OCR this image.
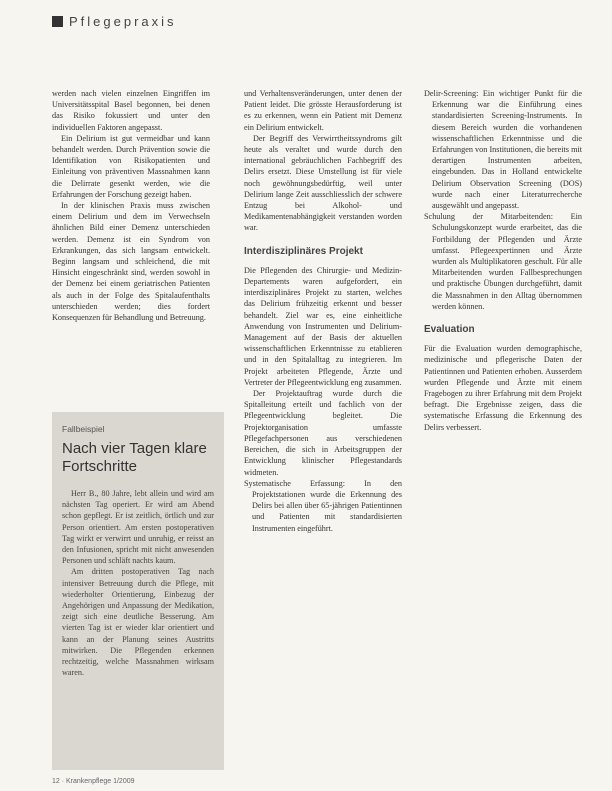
Pflegepraxis

werden nach vielen einzelnen Eingriffen im Universitätsspital Basel begonnen, bei denen das Risiko fokussiert und unter den individuellen Faktoren angepasst.

Ein Delirium ist gut vermeidbar und kann behandelt werden. Durch Prävention sowie die Identifikation von Risikopatienten und Einleitung von präventiven Massnahmen kann die Delirrate gesenkt werden, wie die Erfahrungen der Forschung gezeigt haben.

In der klinischen Praxis muss zwischen einem Delirium und dem im Verwechseln ähnlichen Bild einer Demenz unterschieden werden. Demenz ist ein Syndrom von Erkrankungen, das sich langsam entwickelt. Beginn langsam und schleichend, die mit Hinsicht eingeschränkt sind, werden sowohl in der Demenz bei einem geriatrischen Patienten als auch in der Folge des Spitalaufenthalts unterschieden werden; dies fordert Konsequenzen für Behandlung und Betreuung.

Fallbeispiel
Nach vier Tagen klare Fortschritte

Herr B., 80 Jahre, lebt allein und wird am nächsten Tag operiert. Er wird am Abend schon gepflegt. Er ist zeitlich, örtlich und zur Person orientiert. Am ersten postoperativen Tag wirkt er verwirrt und unruhig, er reisst an den Infusionen, spricht mit nicht anwesenden Personen und schläft nachts kaum.

Am dritten postoperativen Tag nach intensiver Betreuung durch die Pflege, mit wiederholter Orientierung, Einbezug der Angehörigen und Anpassung der Medikation, zeigt sich eine deutliche Besserung. Am vierten Tag ist er wieder klar orientiert und kann an der Planung seines Austritts mitwirken. Die Pflegenden erkennen rechtzeitig, welche Massnahmen wirksam waren.

und Verhaltensveränderungen, unter denen der Patient leidet. Die grösste Herausforderung ist es zu erkennen, wenn ein Patient mit Demenz ein Delirium entwickelt.

Der Begriff des Verwirrtheitssyndroms gilt heute als veraltet und wurde durch den international gebräuchlichen Fachbegriff des Delirs ersetzt. Diese Umstellung ist für viele noch gewöhnungsbedürftig, weil unter Delirium lange Zeit ausschliesslich der schwere Entzug bei Alkohol- und Medikamentenabhängigkeit verstanden worden war.

Interdisziplinäres Projekt

Die Pflegenden des Chirurgie- und Medizin-Departements waren aufgefordert, ein interdisziplinäres Projekt zu starten, welches das Delirium frühzeitig erkennt und besser behandelt. Ziel war es, eine einheitliche Anwendung von Instrumenten und Delirium-Management auf der Basis der aktuellen wissenschaftlichen Erkenntnisse zu etablieren und in den Spitalalltag zu integrieren. Im Projekt arbeiteten Pflegende, Ärzte und Vertreter der Pflegeentwicklung eng zusammen.

Der Projektauftrag wurde durch die Spitalleitung erteilt und fachlich von der Pflegeentwicklung begleitet. Die Projektorganisation umfasste Pflegefachpersonen aus verschiedenen Bereichen, die sich in Arbeitsgruppen der Entwicklung klinischer Pflegestandards widmeten.

Systematische Erfassung: In den Projektstationen wurde die Erkennung des Delirs bei allen über 65-jährigen Patientinnen und Patienten mit standardisierten Instrumenten eingeführt.

Delir-Screening: Ein wichtiger Punkt für die Erkennung war die Einführung eines standardisierten Screening-Instruments. In diesem Bereich wurden die vorhandenen wissenschaftlichen Erkenntnisse und die Erfahrungen von Institutionen, die bereits mit derartigen Instrumenten arbeiten, eingebunden. Das in Holland entwickelte Delirium Observation Screening (DOS) wurde nach einer Literaturrecherche ausgewählt und angepasst.

Schulung der Mitarbeitenden: Ein Schulungskonzept wurde erarbeitet, das die Fortbildung der Pflegenden und Ärzte umfasst. Pflegeexpertinnen und Ärzte wurden als Multiplikatoren geschult. Für alle Mitarbeitenden wurden Fallbesprechungen und praktische Übungen durchgeführt, damit die Massnahmen in den Alltag übernommen werden können.

Evaluation

Für die Evaluation wurden demographische, medizinische und pflegerische Daten der Patientinnen und Patienten erhoben. Ausserdem wurden Pflegende und Ärzte mit einem Fragebogen zu ihrer Erfahrung mit dem Projekt befragt. Die Ergebnisse zeigen, dass die systematische Erfassung die Erkennung des Delirs verbessert.

12 · Krankenpflege 1/2009
